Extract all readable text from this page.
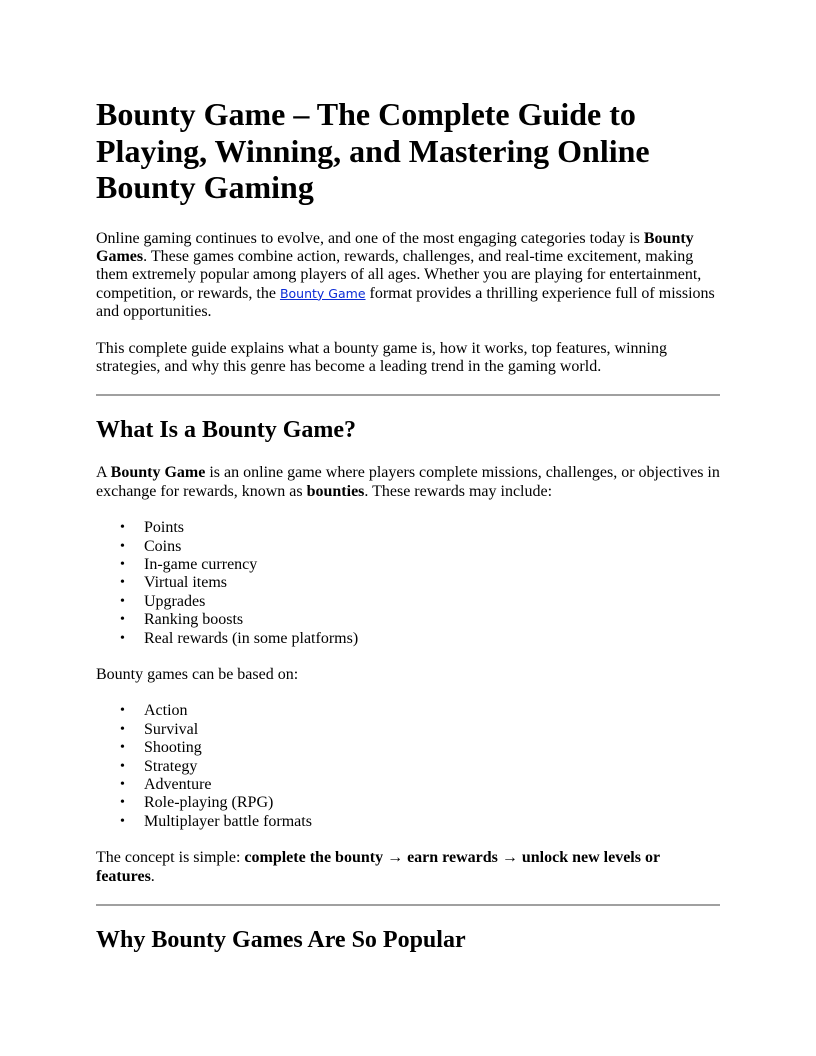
Bounty Game – The Complete Guide to Playing, Winning, and Mastering Online Bounty Gaming

Online gaming continues to evolve, and one of the most engaging categories today is Bounty Games. These games combine action, rewards, challenges, and real-time excitement, making them extremely popular among players of all ages. Whether you are playing for entertainment, competition, or rewards, the Bounty Game format provides a thrilling experience full of missions and opportunities.

This complete guide explains what a bounty game is, how it works, top features, winning strategies, and why this genre has become a leading trend in the gaming world.

What Is a Bounty Game?

A Bounty Game is an online game where players complete missions, challenges, or objectives in exchange for rewards, known as bounties. These rewards may include:

• Points
• Coins
• In-game currency
• Virtual items
• Upgrades
• Ranking boosts
• Real rewards (in some platforms)

Bounty games can be based on:

• Action
• Survival
• Shooting
• Strategy
• Adventure
• Role-playing (RPG)
• Multiplayer battle formats

The concept is simple: complete the bounty → earn rewards → unlock new levels or features.

Why Bounty Games Are So Popular
